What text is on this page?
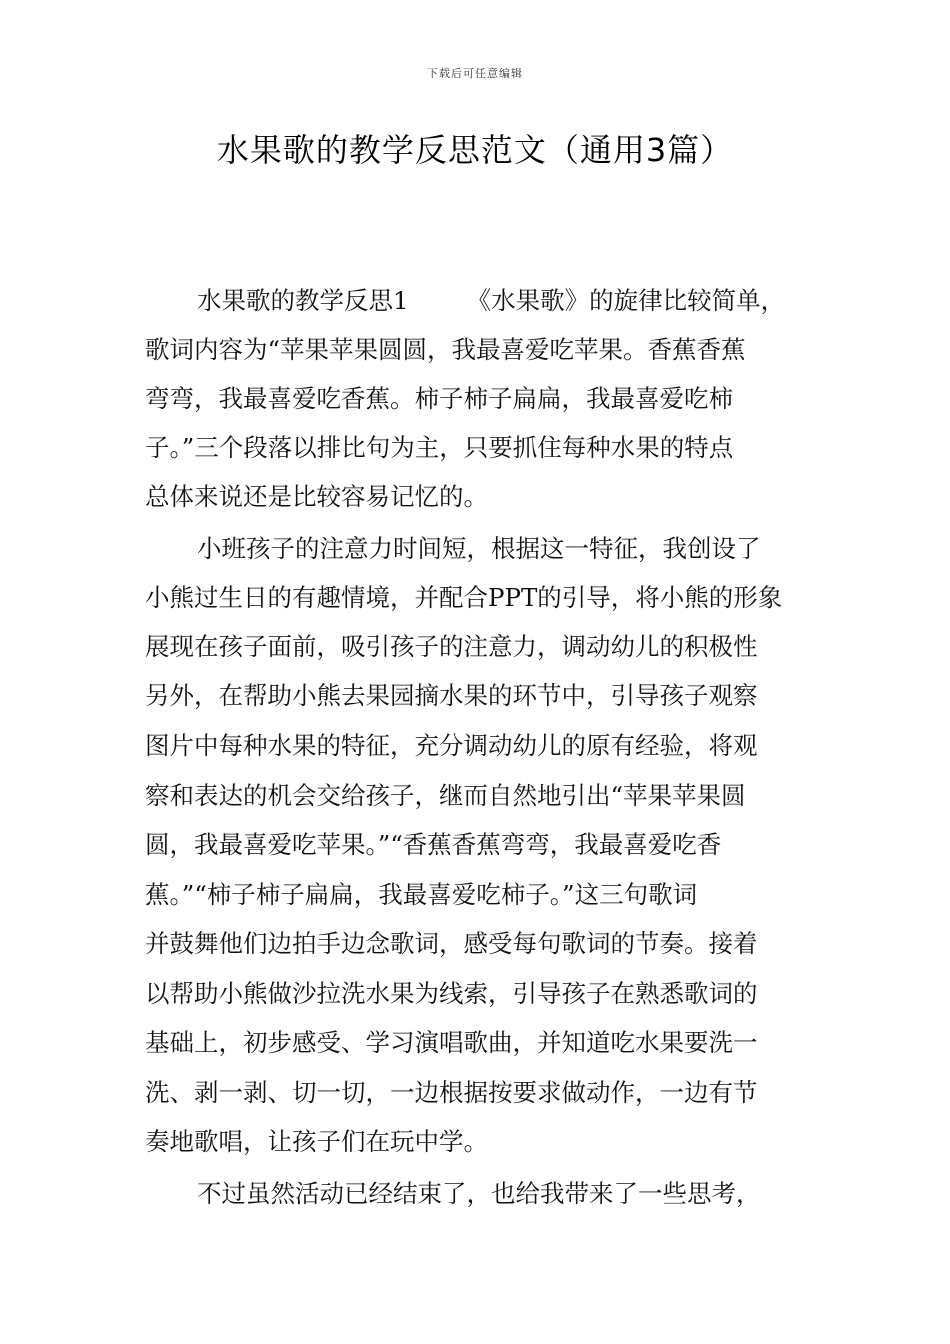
下载后可任意编辑
水果歌的教学反思范文（通用3篇）
水果歌的教学反思1 《水果歌》的旋律比较简单，
歌词内容为“苹果苹果圆圆，我最喜爱吃苹果。香蕉香蕉
弯弯，我最喜爱吃香蕉。柿子柿子扁扁，我最喜爱吃柿
子。”三个段落以排比句为主，只要抓住每种水果的特点
总体来说还是比较容易记忆的。
小班孩子的注意力时间短，根据这一特征，我创设了
小熊过生日的有趣情境，并配合PPT的引导，将小熊的形象
展现在孩子面前，吸引孩子的注意力，调动幼儿的积极性
另外，在帮助小熊去果园摘水果的环节中，引导孩子观察
图片中每种水果的特征，充分调动幼儿的原有经验，将观
察和表达的机会交给孩子，继而自然地引出“苹果苹果圆
圆，我最喜爱吃苹果。”“香蕉香蕉弯弯，我最喜爱吃香
蕉。”“柿子柿子扁扁，我最喜爱吃柿子。”这三句歌词
并鼓舞他们边拍手边念歌词，感受每句歌词的节奏。接着
以帮助小熊做沙拉洗水果为线索，引导孩子在熟悉歌词的
基础上，初步感受、学习演唱歌曲，并知道吃水果要洗一
洗、剥一剥、切一切，一边根据按要求做动作，一边有节
奏地歌唱，让孩子们在玩中学。
不过虽然活动已经结束了，也给我带来了一些思考，
